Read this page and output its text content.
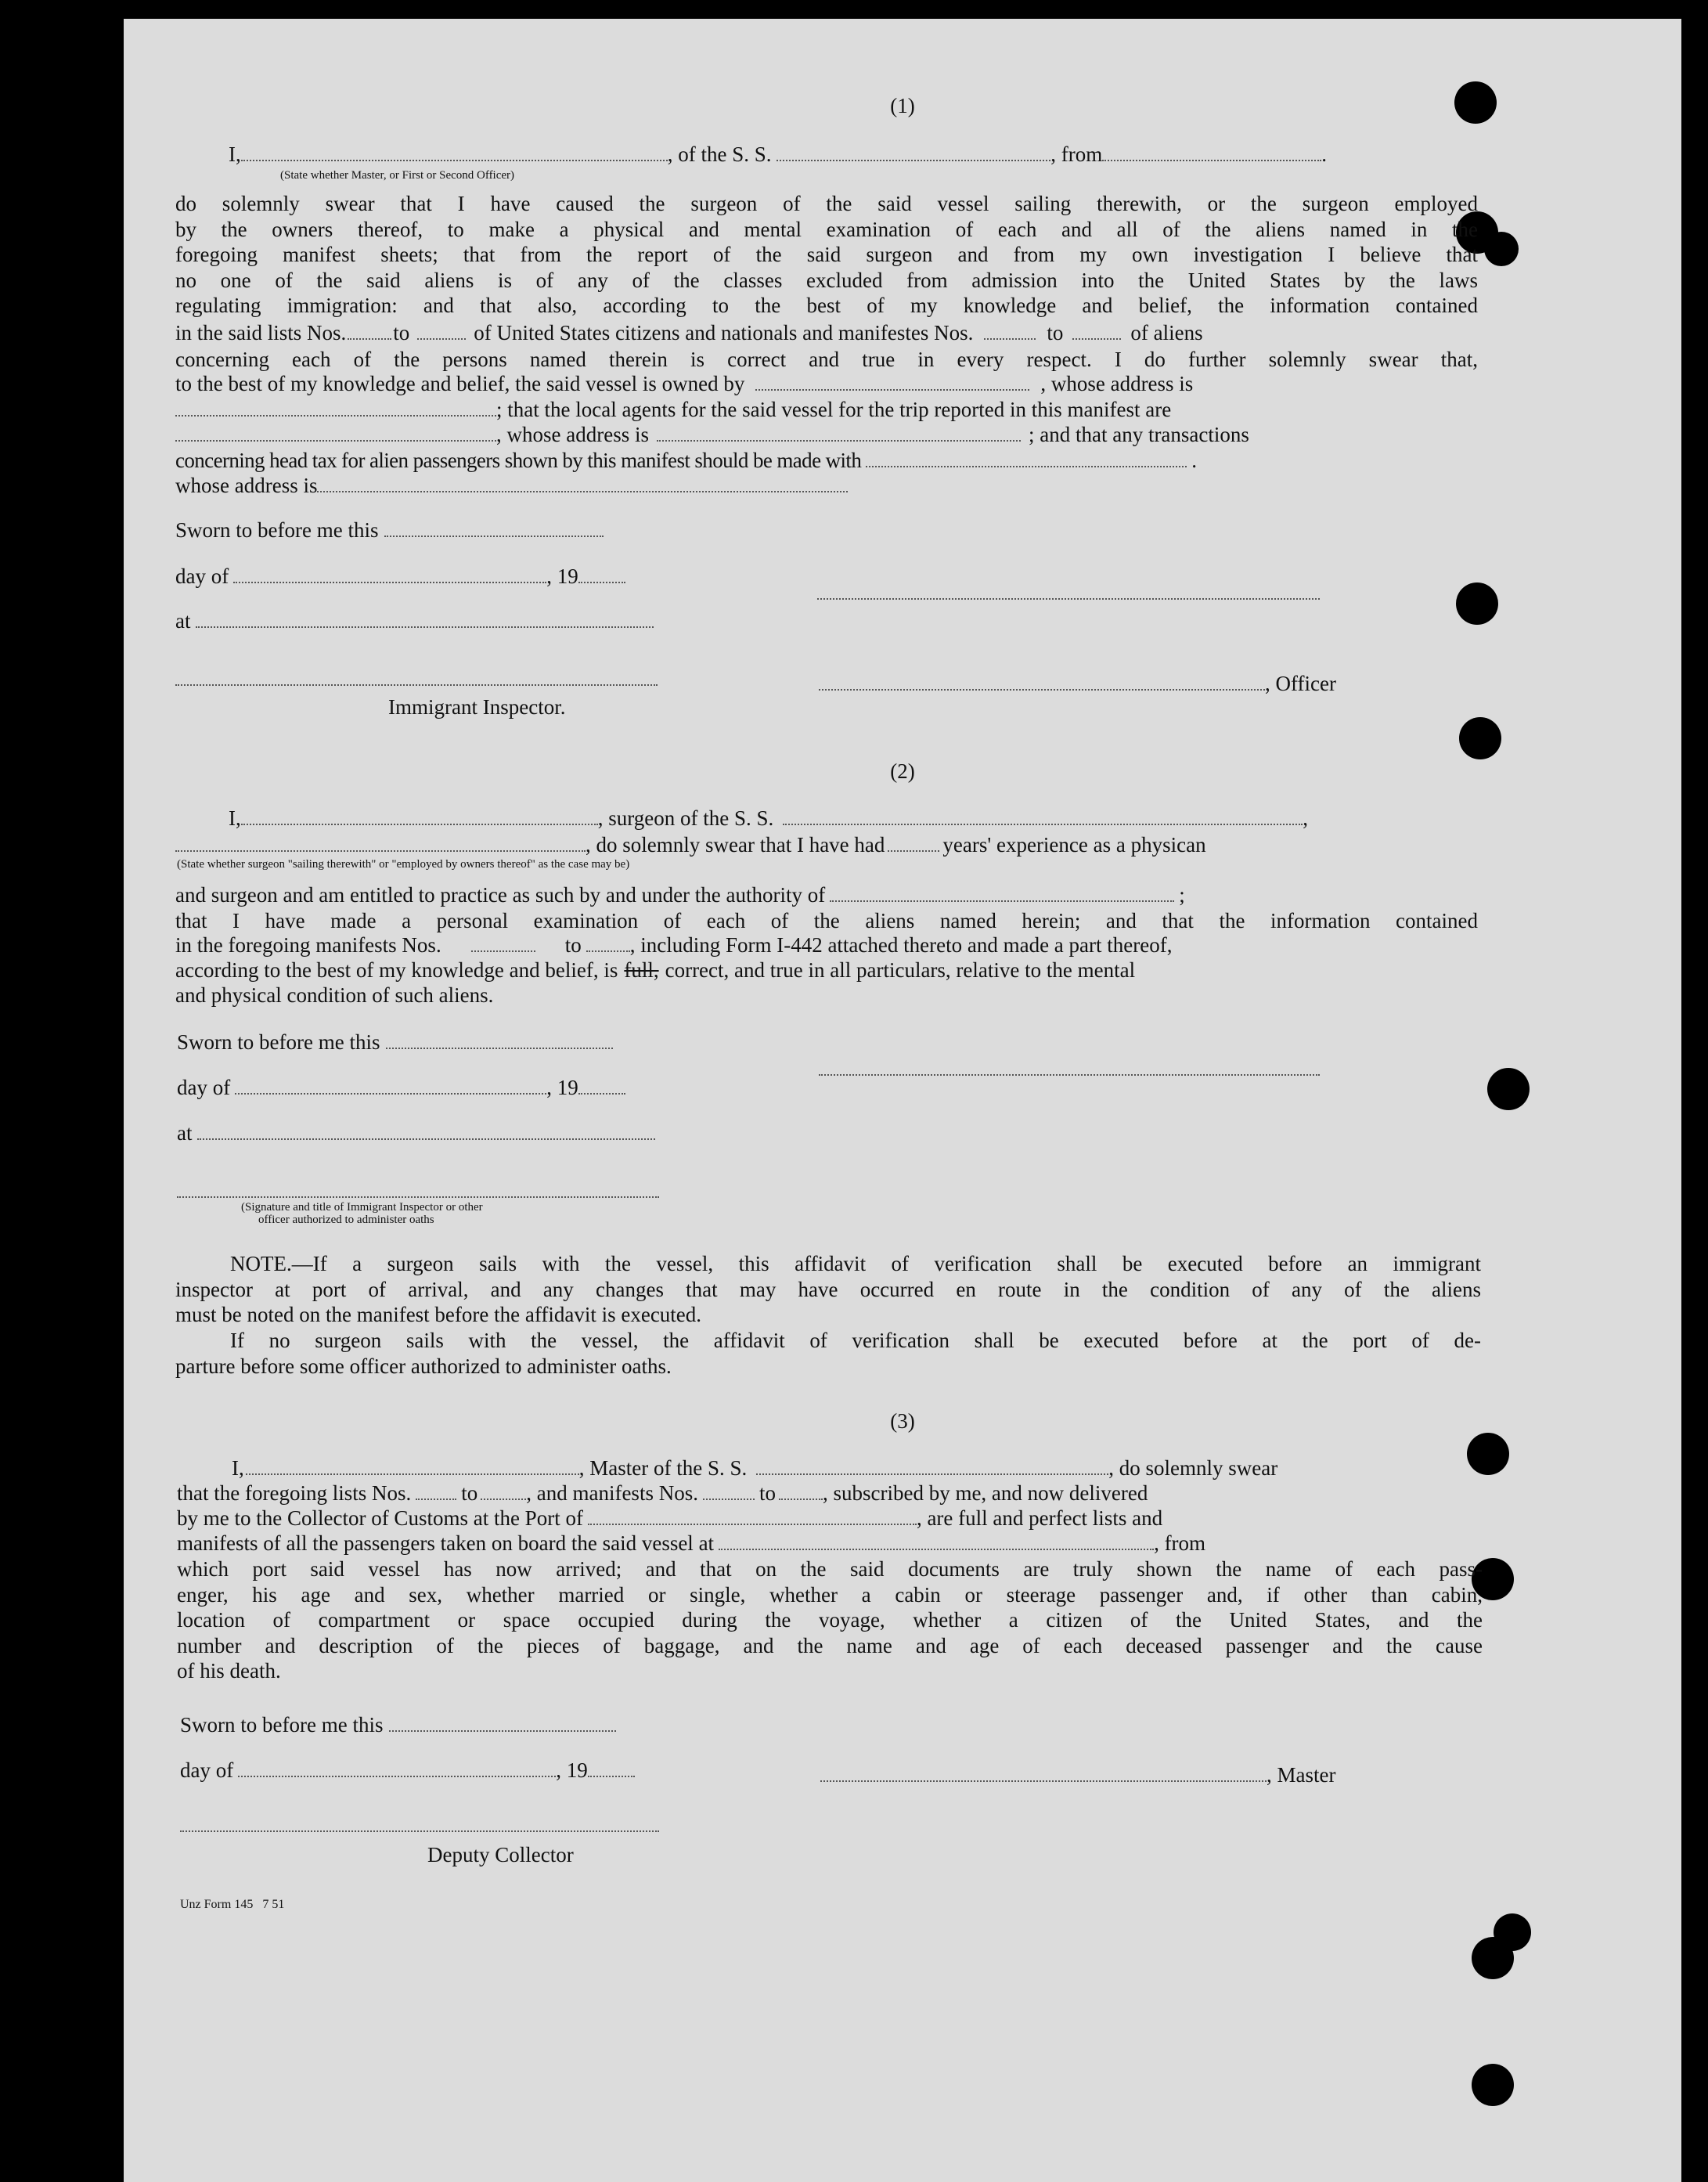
(1)
I,	, of the S. S.	, from	.
(State whether Master, or First or Second Officer)
do solemnly swear that I have caused the surgeon of the said vessel sailing therewith, or the surgeon employed
by the owners thereof, to make a physical and mental examination of each and all of the aliens named in the
foregoing manifest sheets; that from the report of the said surgeon and from my own investigation I believe that
no one of the said aliens is of any of the classes excluded from admission into the United States by the laws
regulating immigration: and that also, according to the best of my knowledge and belief, the information contained
in the said lists Nos. to	of United States citizens and nationals and manifestes Nos.	to	of aliens
concerning each of the persons named therein is correct and true in every respect. I do further solemnly swear that,
to the best of my knowledge and belief, the said vessel is owned by	, whose address is
; that the local agents for the said vessel for the trip reported in this manifest are
, whose address is	; and that any transactions
concerning head tax for alien passengers shown by this manifest should be made with	.
whose address is
Sworn to before me this
day of	, 19
at
, Officer
Immigrant Inspector.
(2)
I,	, surgeon of the S. S.	,
, do solemnly swear that I have had	years' experience as a physican
(State whether surgeon "sailing therewith" or "employed by owners thereof" as the case may be)
and surgeon and am entitled to practice as such by and under the authority of	;
that I have made a personal examination of each of the aliens named herein; and that the information contained
in the foregoing manifests Nos.	to , including Form I-442 attached thereto and made a part thereof,
according to the best of my knowledge and belief, is full, correct, and true in all particulars, relative to the mental
and physical condition of such aliens.
Sworn to before me this
day of	, 19
at
(Signature and title of Immigrant Inspector or other
officer authorized to administer oaths
NOTE.—If a surgeon sails with the vessel, this affidavit of verification shall be executed before an immigrant
inspector at port of arrival, and any changes that may have occurred en route in the condition of any of the aliens
must be noted on the manifest before the affidavit is executed.
If no surgeon sails with the vessel, the affidavit of verification shall be executed before at the port of de-
parture before some officer authorized to administer oaths.
(3)
I,	, Master of the S. S.	, do solemnly swear
that the foregoing lists Nos. to , and manifests Nos.	to , subscribed by me, and now delivered
by me to the Collector of Customs at the Port of	, are full and perfect lists and
manifests of all the passengers taken on board the said vessel at	, from
which port said vessel has now arrived; and that on the said documents are truly shown the name of each pass-
enger, his age and sex, whether married or single, whether a cabin or steerage passenger and, if other than cabin,
location of compartment or space occupied during the voyage, whether a citizen of the United States, and the
number and description of the pieces of baggage, and the name and age of each deceased passenger and the cause
of his death.
Sworn to before me this
day of	, 19	, Master
Deputy Collector
Unz Form 145   7 51
